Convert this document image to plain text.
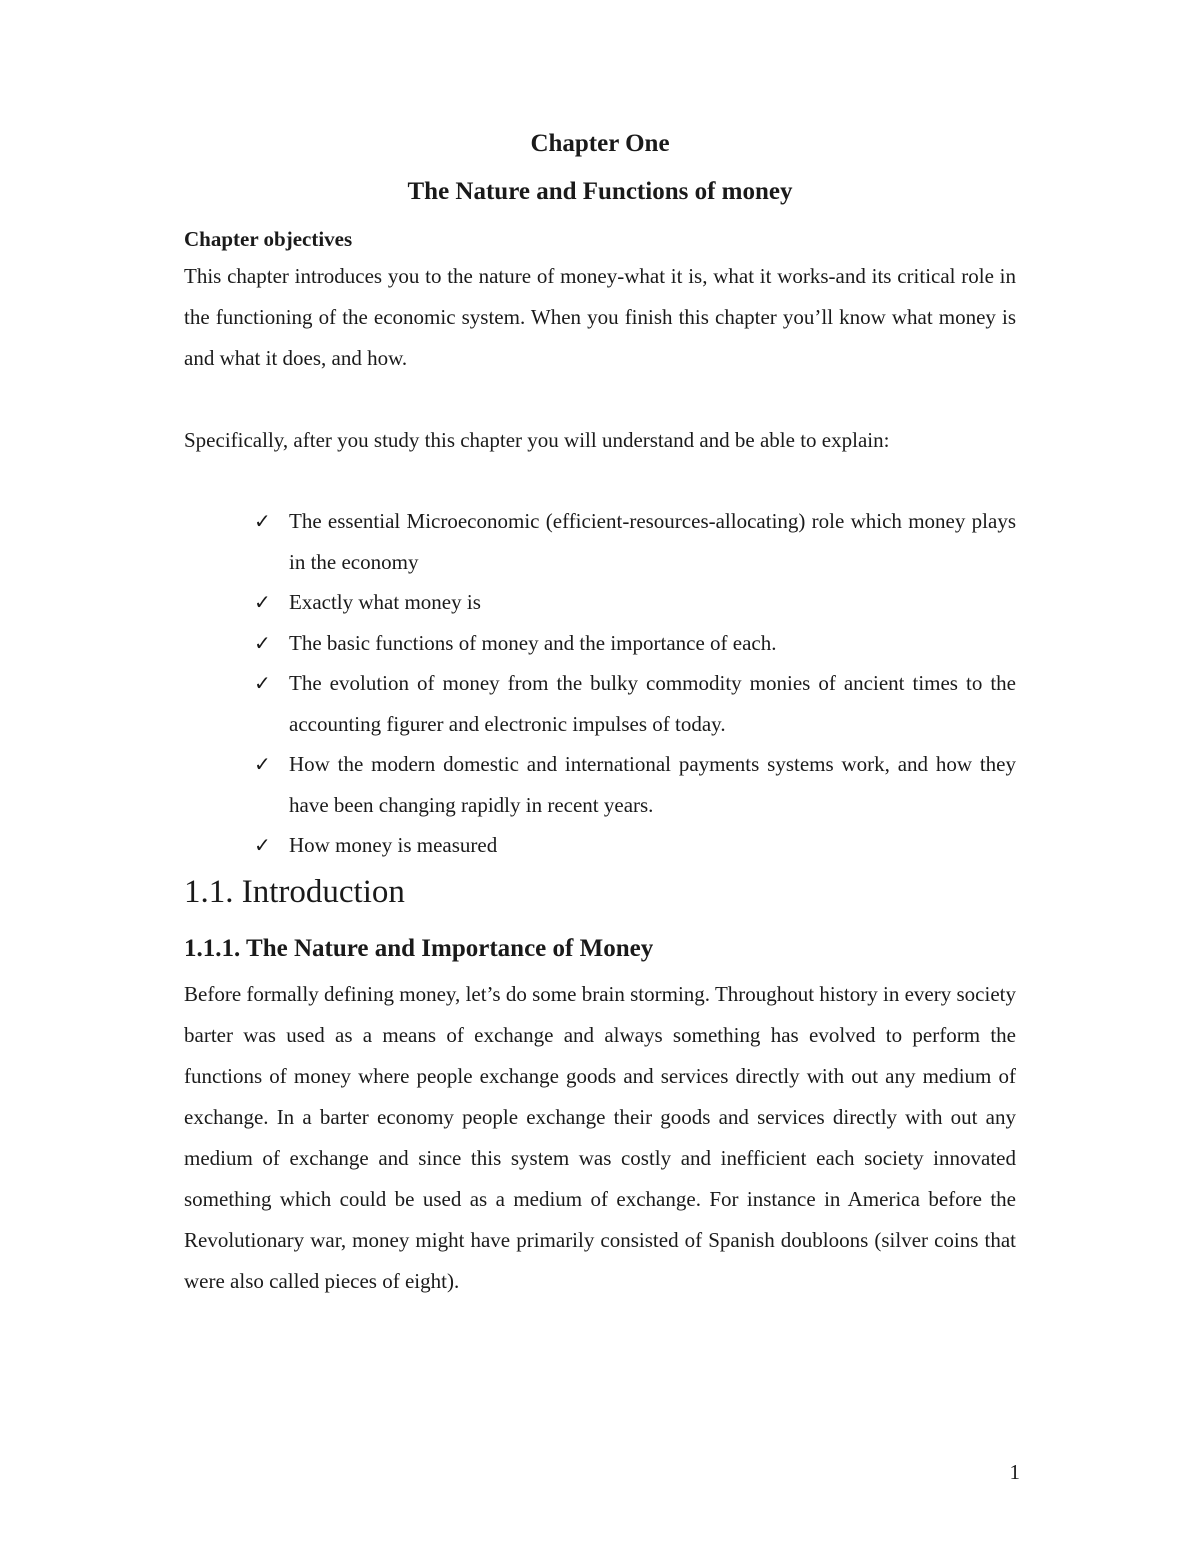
Chapter One
The Nature and Functions of money
Chapter objectives
This chapter introduces you to the nature of money-what it is, what it works-and its critical role in the functioning of the economic system. When you finish this chapter you’ll know what money is and what it does, and how.
Specifically, after you study this chapter you will understand and be able to explain:
✓ The essential Microeconomic (efficient-resources-allocating) role which money plays in the economy
✓ Exactly what money is
✓ The basic functions of money and the importance of each.
✓ The evolution of money from the bulky commodity monies of ancient times to the accounting figurer and electronic impulses of today.
✓ How the modern domestic and international payments systems work, and how they have been changing rapidly in recent years.
✓ How money is measured
1.1. Introduction
1.1.1. The Nature and Importance of Money
Before formally defining money, let’s do some brain storming. Throughout history in every society barter was used as a means of exchange and always something has evolved to perform the functions of money where people exchange goods and services directly with out any medium of exchange. In a barter economy people exchange their goods and services directly with out any medium of exchange and since this system was costly and inefficient each society innovated something which could be used as a medium of exchange. For instance in America before the Revolutionary war, money might have primarily consisted of Spanish doubloons (silver coins that were also called pieces of eight).
1
